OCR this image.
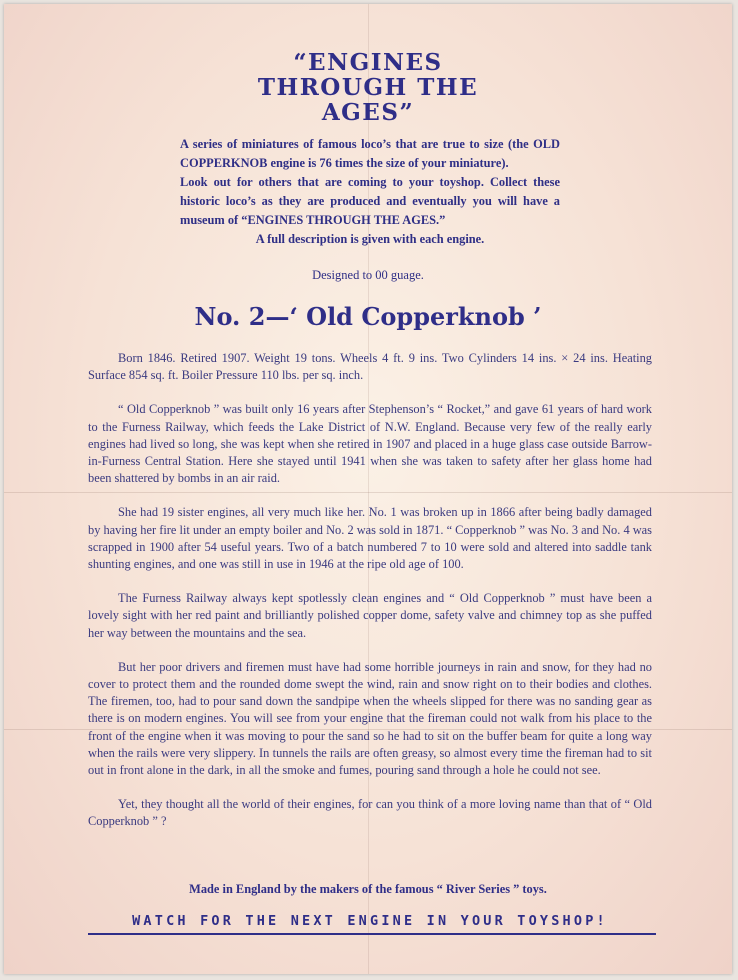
“ENGINES
THROUGH THE
AGES”

A series of miniatures of famous loco’s that are true to size (the OLD COPPERKNOB engine is 76 times the size of your miniature).

Look out for others that are coming to your toyshop. Collect these historic loco’s as they are produced and eventually you will have a museum of “ENGINES THROUGH THE AGES.”

A full description is given with each engine.

Designed to 00 guage.
No. 2—‘ Old Copperknob ’

Born 1846. Retired 1907. Weight 19 tons. Wheels 4 ft. 9 ins. Two Cylinders 14 ins. × 24 ins. Heating Surface 854 sq. ft. Boiler Pressure 110 lbs. per sq. inch.

“ Old Copperknob ” was built only 16 years after Stephenson’s “ Rocket,” and gave 61 years of hard work to the Furness Railway, which feeds the Lake District of N.W. England. Because very few of the really early engines had lived so long, she was kept when she retired in 1907 and placed in a huge glass case outside Barrow-in-Furness Central Station. Here she stayed until 1941 when she was taken to safety after her glass home had been shattered by bombs in an air raid.

She had 19 sister engines, all very much like her. No. 1 was broken up in 1866 after being badly damaged by having her fire lit under an empty boiler and No. 2 was sold in 1871. “ Copperknob ” was No. 3 and No. 4 was scrapped in 1900 after 54 useful years. Two of a batch numbered 7 to 10 were sold and altered into saddle tank shunting engines, and one was still in use in 1946 at the ripe old age of 100.

The Furness Railway always kept spotlessly clean engines and “ Old Copperknob ” must have been a lovely sight with her red paint and brilliantly polished copper dome, safety valve and chimney top as she puffed her way between the mountains and the sea.

But her poor drivers and firemen must have had some horrible journeys in rain and snow, for they had no cover to protect them and the rounded dome swept the wind, rain and snow right on to their bodies and clothes. The firemen, too, had to pour sand down the sandpipe when the wheels slipped for there was no sanding gear as there is on modern engines. You will see from your engine that the fireman could not walk from his place to the front of the engine when it was moving to pour the sand so he had to sit on the buffer beam for quite a long way when the rails were very slippery. In tunnels the rails are often greasy, so almost every time the fireman had to sit out in front alone in the dark, in all the smoke and fumes, pouring sand through a hole he could not see.

Yet, they thought all the world of their engines, for can you think of a more loving name than that of “ Old Copperknob ” ?

Made in England by the makers of the famous “ River Series ” toys.
WATCH FOR THE NEXT ENGINE IN YOUR TOYSHOP!
